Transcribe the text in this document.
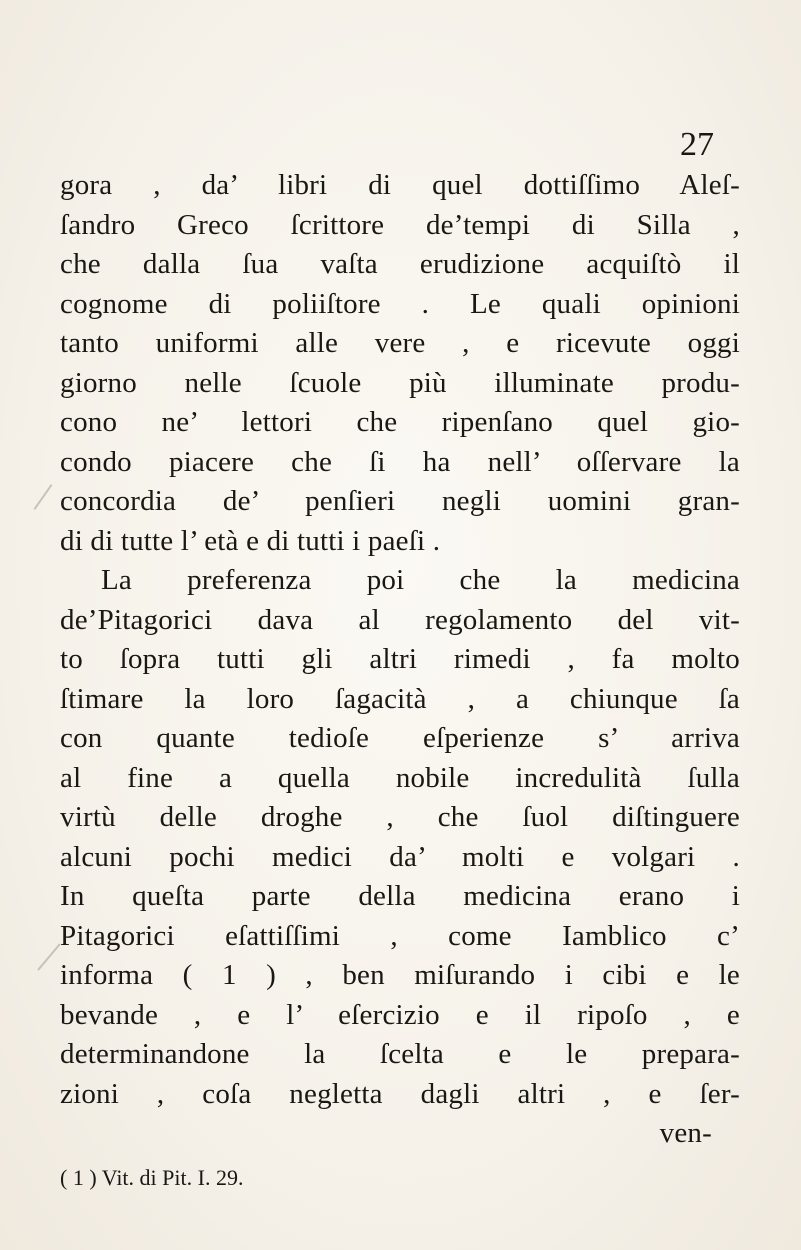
27
gora , da’ libri di quel dottiſſimo Aleſ-
ſandro Greco ſcrittore de’tempi di Silla ,
che dalla ſua vaſta erudizione acquiſtò il
cognome di poliiſtore . Le quali opinioni
tanto uniformi alle vere , e ricevute oggi
giorno nelle ſcuole più illuminate produ-
cono ne’ lettori che ripenſano quel gio-
condo piacere che ſi ha nell’ oſſervare la
concordia de’ penſieri negli uomini gran-
di di tutte l’ età e di tutti i paeſi .
La preferenza poi che la medicina
de’Pitagorici dava al regolamento del vit-
to ſopra tutti gli altri rimedi , fa molto
ſtimare la loro ſagacità , a chiunque ſa
con quante tedioſe eſperienze s’ arriva
al fine a quella nobile incredulità ſulla
virtù delle droghe , che ſuol diſtinguere
alcuni pochi medici da’ molti e volgari .
In queſta parte della medicina erano i
Pitagorici eſattiſſimi , come Iamblico c’
informa ( 1 ) , ben miſurando i cibi e le
bevande , e l’ eſercizio e il ripoſo , e
determinandone la ſcelta e le prepara-
zioni , coſa negletta dagli altri , e ſer-
ven-
( 1 ) Vit. di Pit. I. 29.
